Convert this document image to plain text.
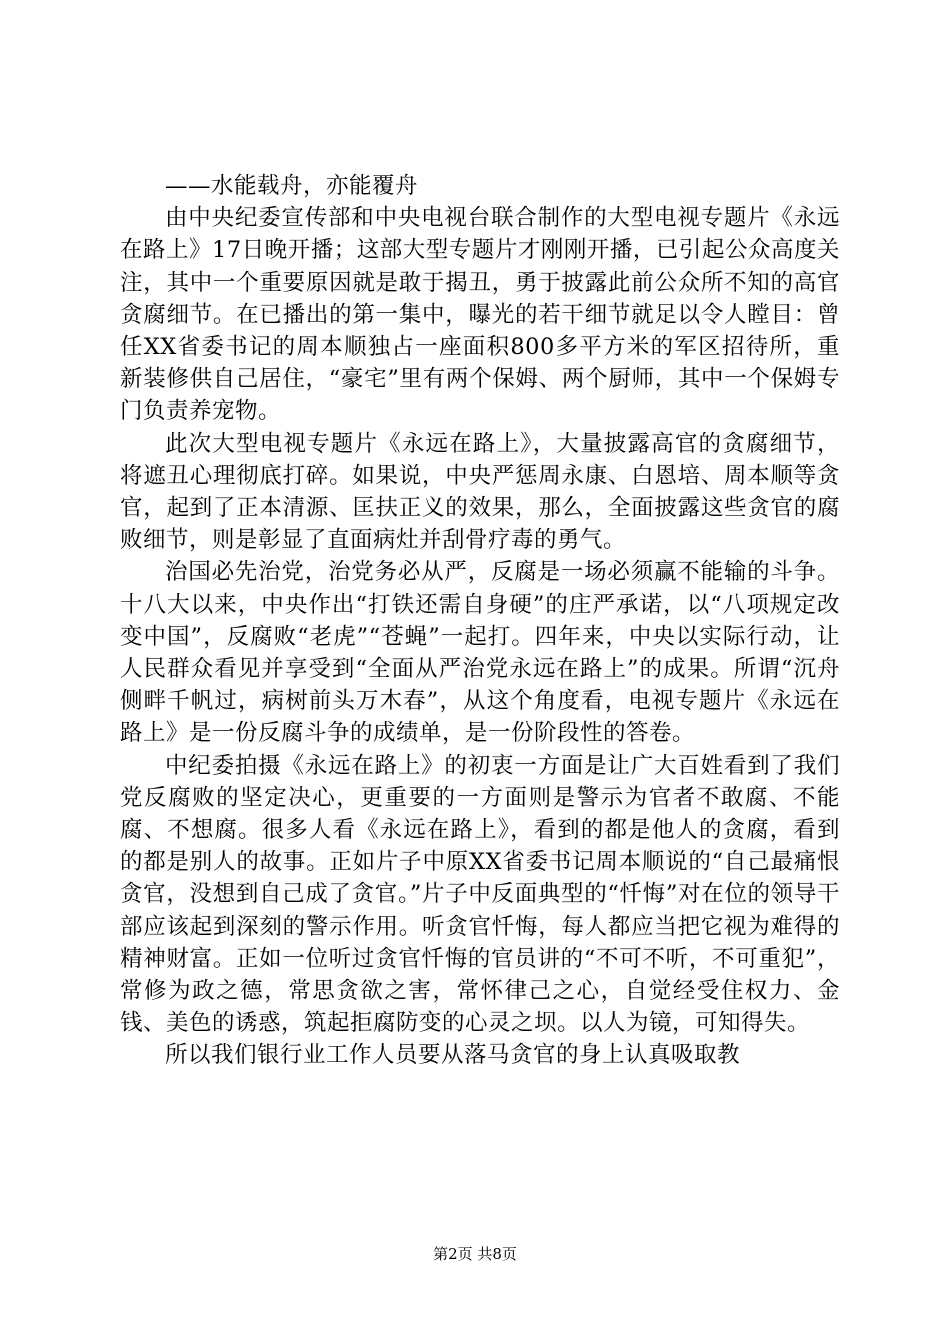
——水能载舟，亦能覆舟

由中央纪委宣传部和中央电视台联合制作的大型电视专题片《永远在路上》17日晚开播；这部大型专题片才刚刚开播，已引起公众高度关注，其中一个重要原因就是敢于揭丑，勇于披露此前公众所不知的高官贪腐细节。在已播出的第一集中，曝光的若干细节就足以令人瞠目：曾任XX省委书记的周本顺独占一座面积800多平方米的军区招待所，重新装修供自己居住，“豪宅”里有两个保姆、两个厨师，其中一个保姆专门负责养宠物。

此次大型电视专题片《永远在路上》，大量披露高官的贪腐细节，将遮丑心理彻底打碎。如果说，中央严惩周永康、白恩培、周本顺等贪官，起到了正本清源、匡扶正义的效果，那么，全面披露这些贪官的腐败细节，则是彰显了直面病灶并刮骨疗毒的勇气。

治国必先治党，治党务必从严，反腐是一场必须赢不能输的斗争。十八大以来，中央作出“打铁还需自身硬”的庄严承诺，以“八项规定改变中国”，反腐败“老虎”“苍蝇”一起打。四年来，中央以实际行动，让人民群众看见并享受到“全面从严治党永远在路上”的成果。所谓“沉舟侧畔千帆过，病树前头万木春”，从这个角度看，电视专题片《永远在路上》是一份反腐斗争的成绩单，是一份阶段性的答卷。

中纪委拍摄《永远在路上》的初衷一方面是让广大百姓看到了我们党反腐败的坚定决心，更重要的一方面则是警示为官者不敢腐、不能腐、不想腐。很多人看《永远在路上》，看到的都是他人的贪腐，看到的都是别人的故事。正如片子中原XX省委书记周本顺说的“自己最痛恨贪官，没想到自己成了贪官。”片子中反面典型的“忏悔”对在位的领导干部应该起到深刻的警示作用。听贪官忏悔，每人都应当把它视为难得的精神财富。正如一位听过贪官忏悔的官员讲的“不可不听，不可重犯”，常修为政之德，常思贪欲之害，常怀律己之心，自觉经受住权力、金钱、美色的诱惑，筑起拒腐防变的心灵之坝。以人为镜，可知得失。

所以我们银行业工作人员要从落马贪官的身上认真吸取教

第2页 共8页
